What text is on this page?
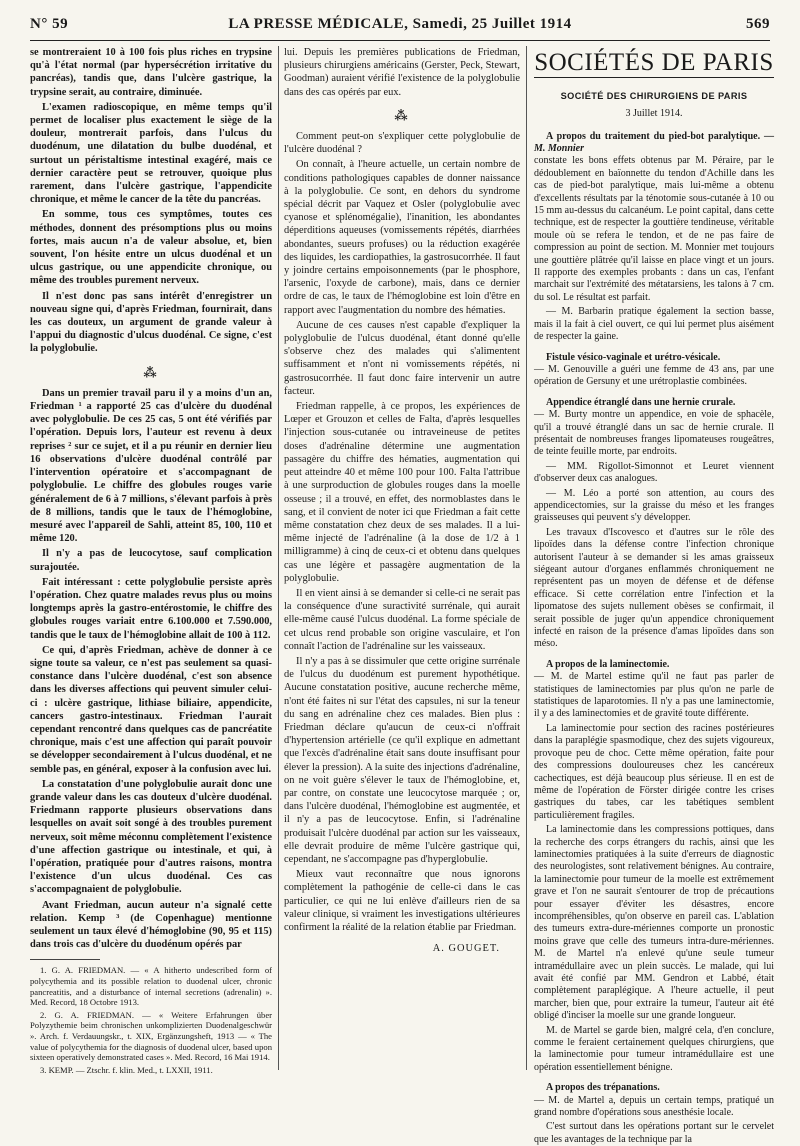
N° 59	LA PRESSE MÉDICALE, Samedi, 25 Juillet 1914	569

se montreraient 10 à 100 fois plus riches en trypsine qu'à l'état normal (par hypersécrétion irritative du pancréas), tandis que, dans l'ulcère gastrique, la trypsine serait, au contraire, diminuée.

L'examen radioscopique, en même temps qu'il permet de localiser plus exactement le siège de la douleur, montrerait parfois, dans l'ulcus du duodénum, une dilatation du bulbe duodénal, et surtout un péristaltisme intestinal exagéré, mais ce dernier caractère peut se retrouver, quoique plus rarement, dans l'ulcère gastrique, l'appendicite chronique, et même le cancer de la tête du pancréas.

En somme, tous ces symptômes, toutes ces méthodes, donnent des présomptions plus ou moins fortes, mais aucun n'a de valeur absolue, et, bien souvent, l'on hésite entre un ulcus duodénal et un ulcus gastrique, ou une appendicite chronique, ou même des troubles purement nerveux.

Il n'est donc pas sans intérêt d'enregistrer un nouveau signe qui, d'après Friedman, fournirait, dans les cas douteux, un argument de grande valeur à l'appui du diagnostic d'ulcus duodénal. Ce signe, c'est la polyglobulie.

⁂

Dans un premier travail paru il y a moins d'un an, Friedman ¹ a rapporté 25 cas d'ulcère du duodénal avec polyglobulie. De ces 25 cas, 5 ont été vérifiés par l'opération. Depuis lors, l'auteur est revenu à deux reprises ² sur ce sujet, et il a pu réunir en dernier lieu 16 observations d'ulcère duodénal contrôlé par l'intervention opératoire et s'accompagnant de polyglobulie. Le chiffre des globules rouges varie généralement de 6 à 7 millions, s'élevant parfois à près de 8 millions, tandis que le taux de l'hémoglobine, mesuré avec l'appareil de Sahli, atteint 85, 100, 110 et même 120.

Il n'y a pas de leucocytose, sauf complication surajoutée.

Fait intéressant : cette polyglobulie persiste après l'opération. Chez quatre malades revus plus ou moins longtemps après la gastro-entérostomie, le chiffre des globules rouges variait entre 6.100.000 et 7.590.000, tandis que le taux de l'hémoglobine allait de 100 à 112.

Ce qui, d'après Friedman, achève de donner à ce signe toute sa valeur, ce n'est pas seulement sa quasi-constance dans l'ulcère duodénal, c'est son absence dans les diverses affections qui peuvent simuler celui-ci : ulcère gastrique, lithiase biliaire, appendicite, cancers gastro-intestinaux. Friedman l'aurait cependant rencontré dans quelques cas de pancréatite chronique, mais c'est une affection qui paraît pouvoir se développer secondairement à l'ulcus duodénal, et ne semble pas, en général, exposer à la confusion avec lui.

La constatation d'une polyglobulie aurait donc une grande valeur dans les cas douteux d'ulcère duodénal. Friedmann rapporte plusieurs observations dans lesquelles on avait soit songé à des troubles purement nerveux, soit même méconnu complètement l'existence d'une affection gastrique ou intestinale, et qui, à l'opération, pratiquée pour d'autres raisons, montra l'existence d'un ulcus duodénal. Ces cas s'accompagnaient de polyglobulie.

Avant Friedman, aucun auteur n'a signalé cette relation. Kemp ³ (de Copenhague) mentionne seulement un taux élevé d'hémoglobine (90, 95 et 115) dans trois cas d'ulcère du duodénum opérés par

1. G. A. FRIEDMAN. — « A hitherto undescribed form of polycythemia and its possible relation to duodenal ulcer, chronic pancreatitis, and a disturbance of internal secretions (adrenalin) ». Med. Record, 18 Octobre 1913.

2. G. A. FRIEDMAN. — « Weitere Erfahrungen über Polyzythemie beim chronischen unkomplizierten Duodenalgeschwür ». Arch. f. Verdauungskr., t. XIX, Ergänzungsheft, 1913 — « The value of polycythemia for the diagnosis of duodenal ulcer, based upon sixteen operatively demonstrated cases ». Med. Record, 16 Mai 1914.

3. KEMP. — Ztschr. f. klin. Med., t. LXXII, 1911.

lui. Depuis les premières publications de Friedman, plusieurs chirurgiens américains (Gerster, Peck, Stewart, Goodman) auraient vérifié l'existence de la polyglobulie dans des cas opérés par eux.

⁂

Comment peut-on s'expliquer cette polyglobulie de l'ulcère duodénal ?

On connaît, à l'heure actuelle, un certain nombre de conditions pathologiques capables de donner naissance à la polyglobulie. Ce sont, en dehors du syndrome spécial décrit par Vaquez et Osler (polyglobulie avec cyanose et splénomégalie), l'inanition, les abondantes déperditions aqueuses (vomissements répétés, diarrhées abondantes, sueurs profuses) ou la réduction exagérée des liquides, les cardiopathies, la gastrosucorrhée. Il faut y joindre certains empoisonnements (par le phosphore, l'arsenic, l'oxyde de carbone), mais, dans ce dernier ordre de cas, le taux de l'hémoglobine est loin d'être en rapport avec l'augmentation du nombre des hématies.

Aucune de ces causes n'est capable d'expliquer la polyglobulie de l'ulcus duodénal, étant donné qu'elle s'observe chez des malades qui s'alimentent suffisamment et n'ont ni vomissements répétés, ni gastrosucorrhée. Il faut donc faire intervenir un autre facteur.

Friedman rappelle, à ce propos, les expériences de Lœper et Grouzon et celles de Falta, d'après lesquelles l'injection sous-cutanée ou intraveineuse de petites doses d'adrénaline détermine une augmentation passagère du chiffre des hématies, augmentation qui peut atteindre 40 et même 100 pour 100. Falta l'attribue à une surproduction de globules rouges dans la moelle osseuse ; il a trouvé, en effet, des normoblastes dans le sang, et il convient de noter ici que Friedman a fait cette même constatation chez deux de ses malades. Il a lui-même injecté de l'adrénaline (à la dose de 1/2 à 1 milligramme) à cinq de ceux-ci et obtenu dans quelques cas une légère et passagère augmentation de la polyglobulie.

Il en vient ainsi à se demander si celle-ci ne serait pas la conséquence d'une suractivité surrénale, qui aurait elle-même causé l'ulcus duodénal. La forme spéciale de cet ulcus rend probable son origine vasculaire, et l'on connaît l'action de l'adrénaline sur les vaisseaux.

Il n'y a pas à se dissimuler que cette origine surrénale de l'ulcus du duodénum est purement hypothétique. Aucune constatation positive, aucune recherche même, n'ont été faites ni sur l'état des capsules, ni sur la teneur du sang en adrénaline chez ces malades. Bien plus : Friedman déclare qu'aucun de ceux-ci n'offrait d'hypertension artérielle (ce qu'il explique en admettant que l'excès d'adrénaline était sans doute insuffisant pour élever la pression). A la suite des injections d'adrénaline, on ne voit guère s'élever le taux de l'hémoglobine, et, par contre, on constate une leucocytose marquée ; or, dans l'ulcère duodénal, l'hémoglobine est augmentée, et il n'y a pas de leucocytose. Enfin, si l'adrénaline produisait l'ulcère duodénal par action sur les vaisseaux, elle devrait produire de même l'ulcère gastrique qui, cependant, ne s'accompagne pas d'hyperglobulie.

Mieux vaut reconnaître que nous ignorons complètement la pathogénie de celle-ci dans le cas particulier, ce qui ne lui enlève d'ailleurs rien de sa valeur clinique, si vraiment les investigations ultérieures confirment la réalité de la relation établie par Friedman.

A. GOUGET.
SOCIÉTÉS DE PARIS
SOCIÉTÉ DES CHIRURGIENS DE PARIS
3 Juillet 1914.

A propos du traitement du pied-bot paralytique. — M. Monnier

constate les bons effets obtenus par M. Péraire, par le dédoublement en baïonnette du tendon d'Achille dans les cas de pied-bot paralytique, mais lui-même a obtenu d'excellents résultats par la ténotomie sous-cutanée à 10 ou 15 mm au-dessus du calcanéum. Le point capital, dans cette technique, est de respecter la gouttière tendineuse, véritable moule où se refera le tendon, et de ne pas faire de compression au point de section. M. Monnier met toujours une gouttière plâtrée qu'il laisse en place vingt et un jours. Il rapporte des exemples probants : dans un cas, l'enfant marchait sur l'extrémité des métatarsiens, les talons à 7 cm. du sol. Le résultat est parfait.

— M. Barbarin pratique également la section basse, mais il la fait à ciel ouvert, ce qui lui permet plus aisément de respecter la gaine.

Fistule vésico-vaginale et urétro-vésicale.

— M. Genouville a guéri une femme de 43 ans, par une opération de Gersuny et une urétroplastie combinées.

Appendice étranglé dans une hernie crurale.

— M. Burty montre un appendice, en voie de sphacèle, qu'il a trouvé étranglé dans un sac de hernie crurale. Il présentait de nombreuses franges lipomateuses rougeâtres, de teinte feuille morte, par endroits.

— MM. Rigollot-Simonnot et Leuret viennent d'observer deux cas analogues.

— M. Léo a porté son attention, au cours des appendicectomies, sur la graisse du méso et les franges graisseuses qui peuvent s'y développer.

Les travaux d'Iscovesco et d'autres sur le rôle des lipoïdes dans la défense contre l'infection chronique autorisent l'auteur à se demander si les amas graisseux siégeant autour d'organes enflammés chroniquement ne représentent pas un moyen de défense et de défense efficace. Si cette corrélation entre l'infection et la lipomatose des sujets nullement obèses se confirmait, il serait possible de juger qu'un appendice chroniquement infecté en raison de la présence d'amas lipoïdes dans son méso.

A propos de la laminectomie.

— M. de Martel estime qu'il ne faut pas parler de statistiques de laminectomies par plus qu'on ne parle de statistiques de laparotomies. Il n'y a pas une laminectomie, il y a des laminectomies et de gravité toute différente.

La laminectomie pour section des racines postérieures dans la paraplégie spasmodique, chez des sujets vigoureux, provoque peu de choc. Cette même opération, faite pour des compressions douloureuses chez les cancéreux cachectiques, est déjà beaucoup plus sérieuse. Il en est de même de l'opération de Förster dirigée contre les crises gastriques du tabes, car les tabétiques semblent particulièrement fragiles.

La laminectomie dans les compressions pottiques, dans la recherche des corps étrangers du rachis, ainsi que les laminectomies pratiquées à la suite d'erreurs de diagnostic des neurologistes, sont relativement bénignes. Au contraire, la laminectomie pour tumeur de la moelle est extrêmement grave et l'on ne saurait s'entourer de trop de précautions pour essayer d'éviter les désastres, encore incompréhensibles, qu'on observe en pareil cas. L'ablation des tumeurs extra-dure-mériennes comporte un pronostic moins grave que celle des tumeurs intra-dure-mériennes. M. de Martel n'a enlevé qu'une seule tumeur intramédullaire avec un plein succès. Le malade, qui lui avait été confié par MM. Gendron et Labbé, était complètement paraplégique. A l'heure actuelle, il peut marcher, bien que, pour extraire la tumeur, l'auteur ait été obligé d'inciser la moelle sur une grande longueur.

M. de Martel se garde bien, malgré cela, d'en conclure, comme le feraient certainement quelques chirurgiens, que la laminectomie pour tumeur intramédullaire est une opération essentiellement bénigne.

A propos des trépanations.

— M. de Martel a, depuis un certain temps, pratiqué un grand nombre d'opérations sous anesthésie locale.

C'est surtout dans les opérations portant sur le cervelet que les avantages de la technique par la
